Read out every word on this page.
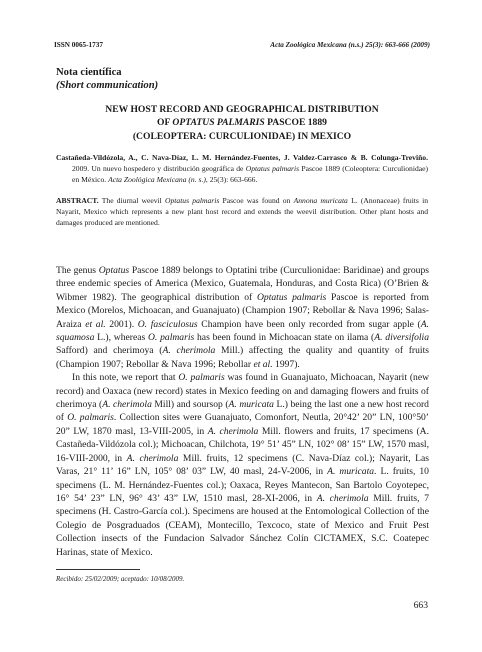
ISSN 0065-1737	Acta Zoológica Mexicana (n.s.) 25(3): 663-666 (2009)
Nota científica
(Short communication)
NEW HOST RECORD AND GEOGRAPHICAL DISTRIBUTION
OF OPTATUS PALMARIS PASCOE 1889
(COLEOPTERA: CURCULIONIDAE) IN MEXICO

Castañeda-Vildózola, A., C. Nava-Díaz, L. M. Hernández-Fuentes, J. Valdez-Carrasco & B. Colunga-Treviño. 2009. Un nuevo hospedero y distribución geográfica de Optatus palmaris Pascoe 1889 (Coleoptera: Curculionidae) en México. Acta Zoológica Mexicana (n. s.), 25(3): 663-666.

ABSTRACT. The diurnal weevil Optatus palmaris Pascoe was found on Annona muricata L. (Anonaceae) fruits in Nayarit, Mexico which represents a new plant host record and extends the weevil distribution. Other plant hosts and damages produced are mentioned.

The genus Optatus Pascoe 1889 belongs to Optatini tribe (Curculionidae: Baridinae) and groups three endemic species of America (Mexico, Guatemala, Honduras, and Costa Rica) (O’Brien & Wibmer 1982). The geographical distribution of Optatus palmaris Pascoe is reported from Mexico (Morelos, Michoacan, and Guanajuato) (Champion 1907; Rebollar & Nava 1996; Salas-Araiza et al. 2001). O. fasciculosus Champion have been only recorded from sugar apple (A. squamosa L.), whereas O. palmaris has been found in Michoacan state on ilama (A. diversifolia Safford) and cherimoya (A. cherimola Mill.) affecting the quality and quantity of fruits (Champion 1907; Rebollar & Nava 1996; Rebollar et al. 1997).

In this note, we report that O. palmaris was found in Guanajuato, Michoacan, Nayarit (new record) and Oaxaca (new record) states in Mexico feeding on and damaging flowers and fruits of cherimoya (A. cherimola Mill) and soursop (A. muricata L.) being the last one a new host record of O. palmaris. Collection sites were Guanajuato, Comonfort, Neutla, 20°42’ 20” LN, 100°50’ 20” LW, 1870 masl, 13-VIII-2005, in A. cherimola Mill. flowers and fruits, 17 specimens (A. Castañeda-Vildózola col.); Michoacan, Chilchota, 19° 51’ 45” LN, 102° 08’ 15” LW, 1570 masl, 16-VIII-2000, in A. cherimola Mill. fruits, 12 specimens (C. Nava-Díaz col.); Nayarit, Las Varas, 21° 11’ 16” LN, 105° 08’ 03” LW, 40 masl, 24-V-2006, in A. muricata. L. fruits, 10 specimens (L. M. Hernández-Fuentes col.); Oaxaca, Reyes Mantecon, San Bartolo Coyotepec, 16° 54’ 23” LN, 96° 43’ 43” LW, 1510 masl, 28-XI-2006, in A. cherimola Mill. fruits, 7 specimens (H. Castro-García col.). Specimens are housed at the Entomological Collection of the Colegio de Posgraduados (CEAM), Montecillo, Texcoco, state of Mexico and Fruit Pest Collection insects of the Fundacion Salvador Sánchez Colín CICTAMEX, S.C. Coatepec Harinas, state of Mexico.

Recibido: 25/02/2009; aceptado: 10/08/2009.
663
